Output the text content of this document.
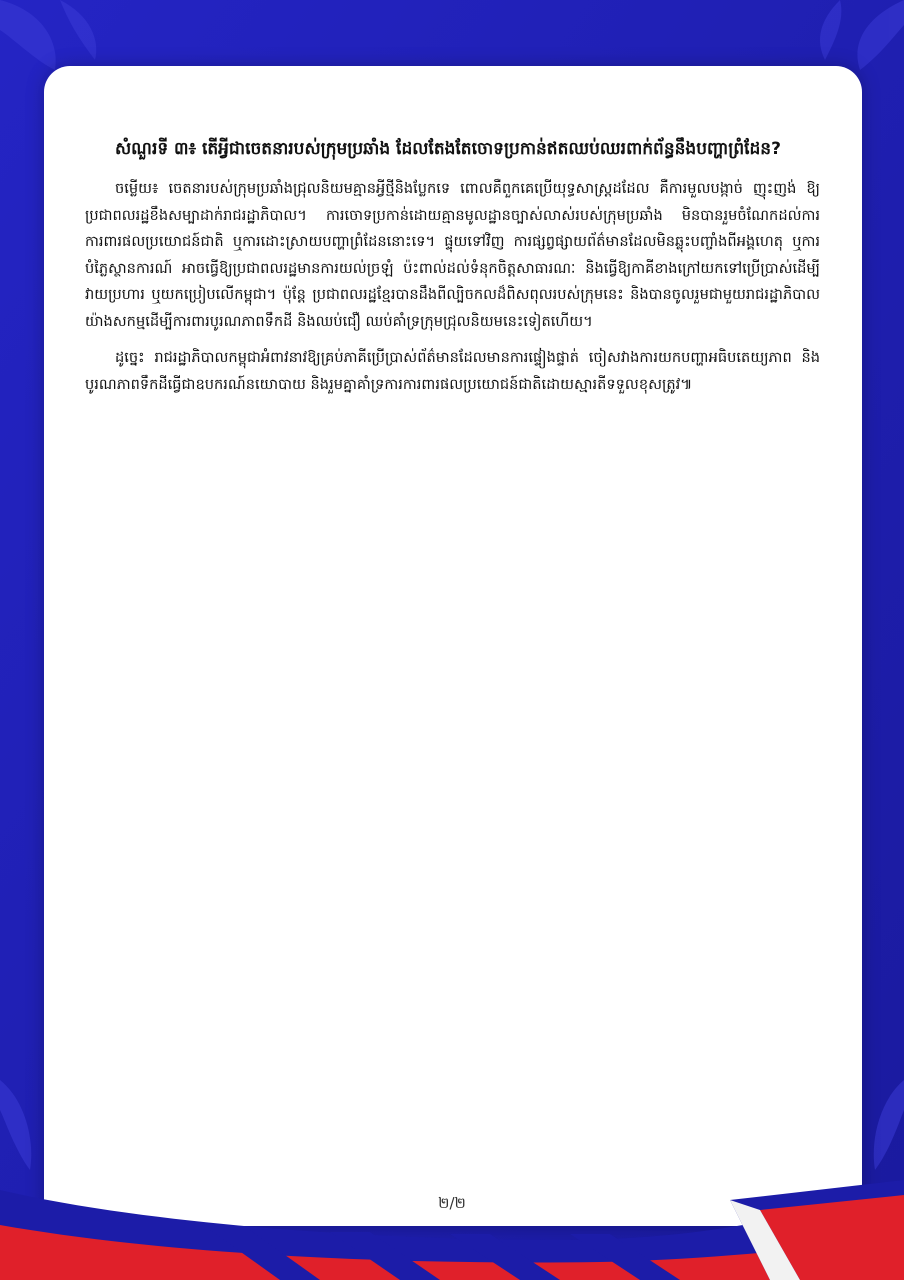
សំណួរទី ៣៖ តើអ្វីជាចេតនារបស់ក្រុមប្រឆាំង ដែលតែងតែចោទប្រកាន់ឥតឈប់ឈរពាក់ព័ន្ធនឹងបញ្ហាព្រំដែន?

ចម្លើយ៖ ចេតនារបស់ក្រុមប្រឆាំងជ្រុលនិយមគ្មានអ្វីថ្មីនិងប្លែកទេ ពោលគឺពួកគេប្រើយុទ្ធសាស្ត្រដដែល គឺការមួលបង្កាច់ ញុះញង់ ឱ្យប្រជាពលរដ្ឋខឹងសម្បាដាក់រាជរដ្ឋាភិបាល។ ការចោទប្រកាន់ដោយគ្មានមូលដ្ឋានច្បាស់លាស់របស់ក្រុមប្រឆាំង មិនបានរួមចំណែកដល់ការការពារផលប្រយោជន៍ជាតិ ឬការដោះស្រាយបញ្ហាព្រំដែននោះទេ។ ផ្ទុយទៅវិញ ការផ្សព្វផ្សាយព័ត៌មានដែលមិនឆ្លុះបញ្ចាំងពីអង្គហេតុ ឬការបំភ្លៃស្ថានការណ៍ អាចធ្វើឱ្យប្រជាពលរដ្ឋមានការយល់ច្រឡំ ប៉ះពាល់ដល់ទំនុកចិត្តសាធារណៈ និងធ្វើឱ្យកាគីខាងក្រៅយកទៅប្រើប្រាស់ដើម្បីវាយប្រហារ ឬយកប្រៀបលើកម្ពុជា។ ប៉ុន្តែ ប្រជាពលរដ្ឋខ្មែរបានដឹងពីល្បិចកលដ៏ពិសពុលរបស់ក្រុមនេះ និងបានចូលរួមជាមួយរាជរដ្ឋាភិបាលយ៉ាងសកម្មដើម្បីការពារបូរណភាពទឹកដី និងឈប់ជឿ ឈប់គាំទ្រក្រុមជ្រុលនិយមនេះទៀតហើយ។

ដូច្នេះ រាជរដ្ឋាភិបាលកម្ពុជាអំពាវនាវឱ្យគ្រប់ភាគីប្រើប្រាស់ព័ត៌មានដែលមានការផ្ទៀងផ្ទាត់ ចៀសវាងការយកបញ្ហាអធិបតេយ្យភាព និងបូរណភាពទឹកដីធ្វើជាឧបករណ៍នយោបាយ និងរួមគ្នាគាំទ្រការការពារផលប្រយោជន៍ជាតិដោយស្មារតីទទួលខុសត្រូវ៕

២/២
